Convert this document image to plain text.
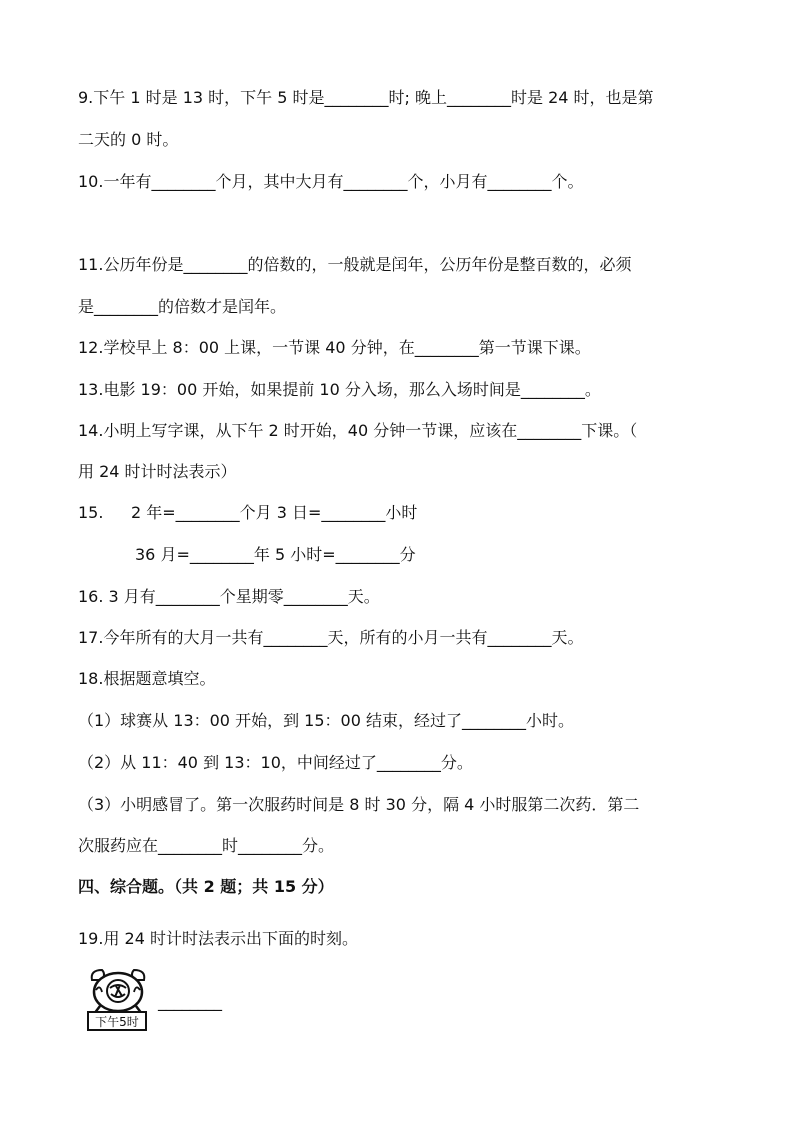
9.下午 1 时是 13 时，下午 5 时是________时; 晚上________时是 24 时，也是第
二天的 0 时。
10.一年有________个月，其中大月有________个，小月有________个。
11.公历年份是________的倍数的，一般就是闰年，公历年份是整百数的，必须
是________的倍数才是闰年。
12.学校早上 8：00 上课，一节课 40 分钟，在________第一节课下课。
13.电影 19：00 开始，如果提前 10 分入场，那么入场时间是________。
14.小明上写字课，从下午 2 时开始，40 分钟一节课，应该在________下课。（
用 24 时计时法表示）
15. 2 年=________个月 3 日=________小时
36 月=________年 5 小时=________分
16. 3 月有________个星期零________天。
17.今年所有的大月一共有________天，所有的小月一共有________天。
18.根据题意填空。
（1）球赛从 13：00 开始，到 15：00 结束，经过了________小时。
（2）从 11：40 到 13：10，中间经过了________分。
（3）小明感冒了。第一次服药时间是 8 时 30 分，隔 4 小时服第二次药．第二
次服药应在________时________分。
四、综合题。（共 2 题；共 15 分）
19.用 24 时计时法表示出下面的时刻。
下午5时
________
